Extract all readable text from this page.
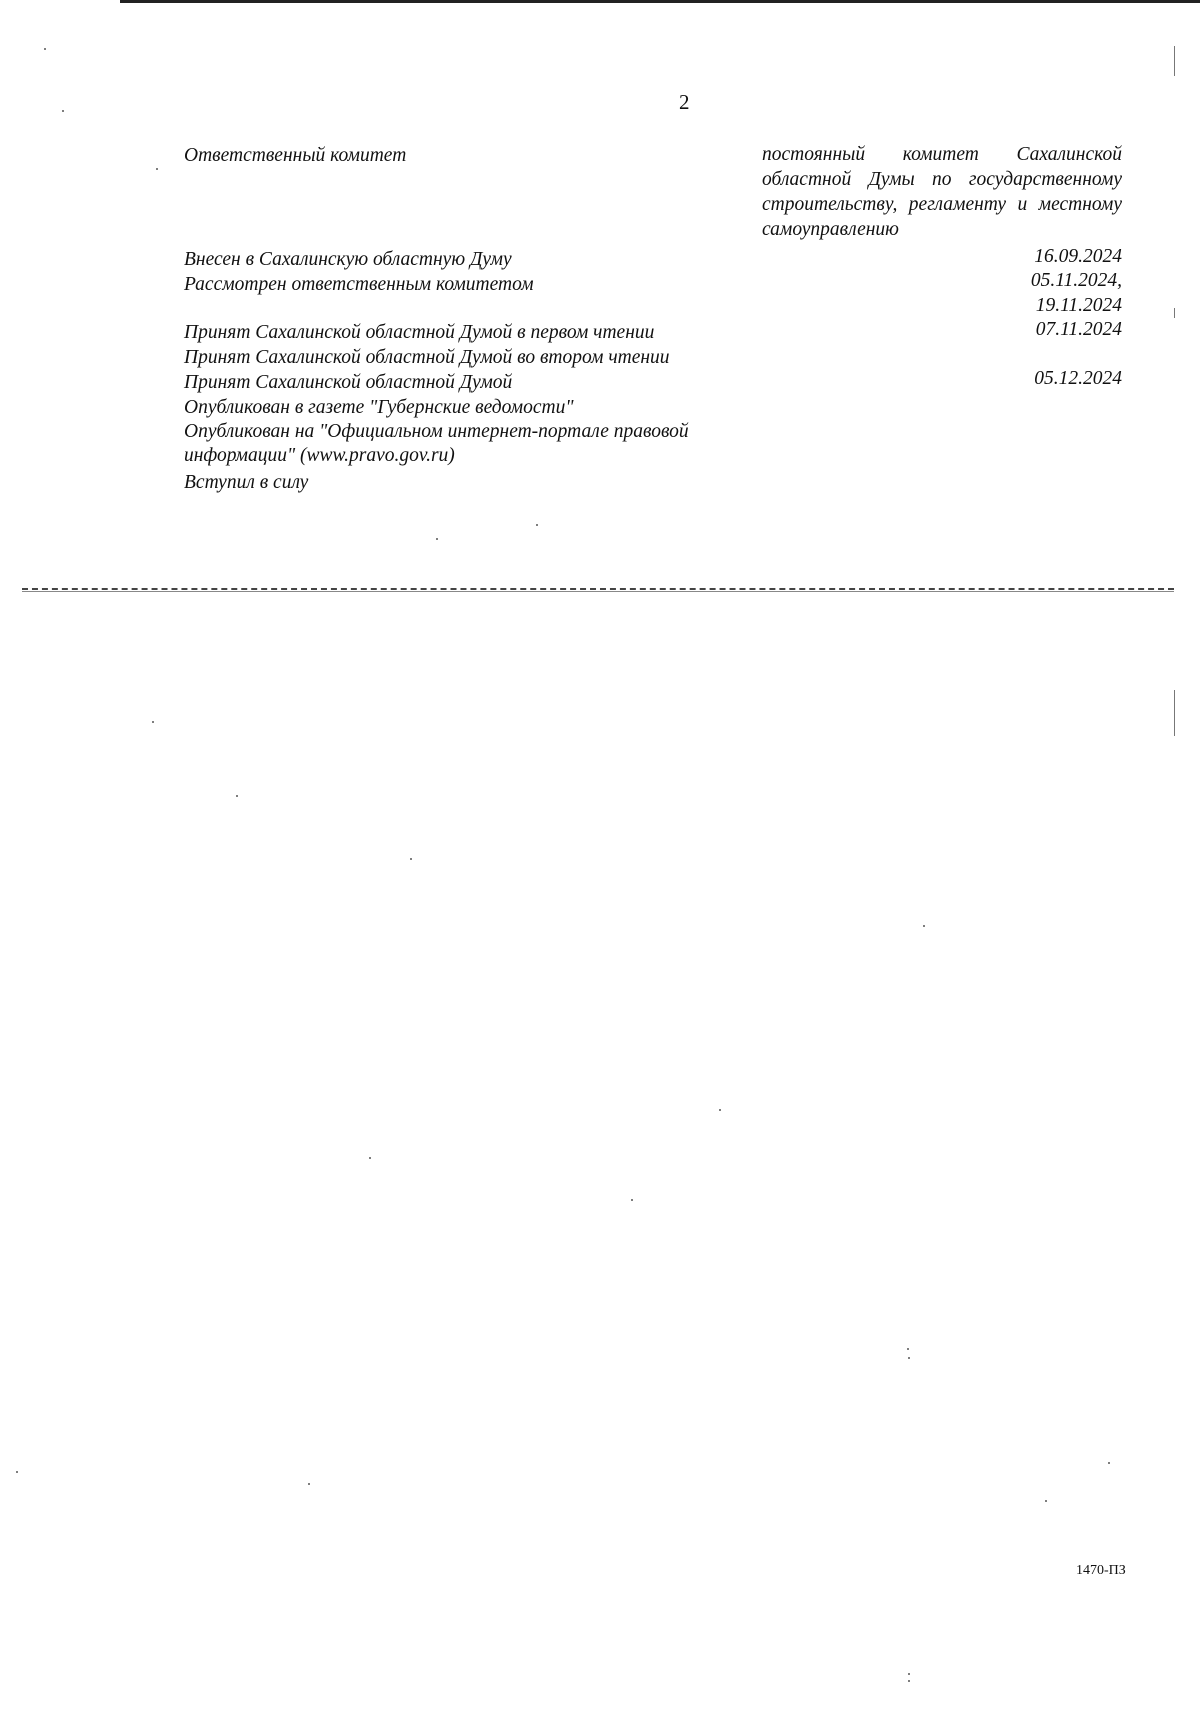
2
Ответственный комитет	постоянный комитет Сахалинской областной Думы по государственному строительству, регламенту и местному самоуправлению
Внесен в Сахалинскую областную Думу	16.09.2024
Рассмотрен ответственным комитетом	05.11.2024,
19.11.2024
Принят Сахалинской областной Думой в первом чтении	07.11.2024
Принят Сахалинской областной Думой во втором чтении
Принят Сахалинской областной Думой	05.12.2024
Опубликован в газете "Губернские ведомости"
Опубликован на "Официальном интернет-портале правовой
информации" (www.pravo.gov.ru)
Вступил в силу
1470-ПЗ
